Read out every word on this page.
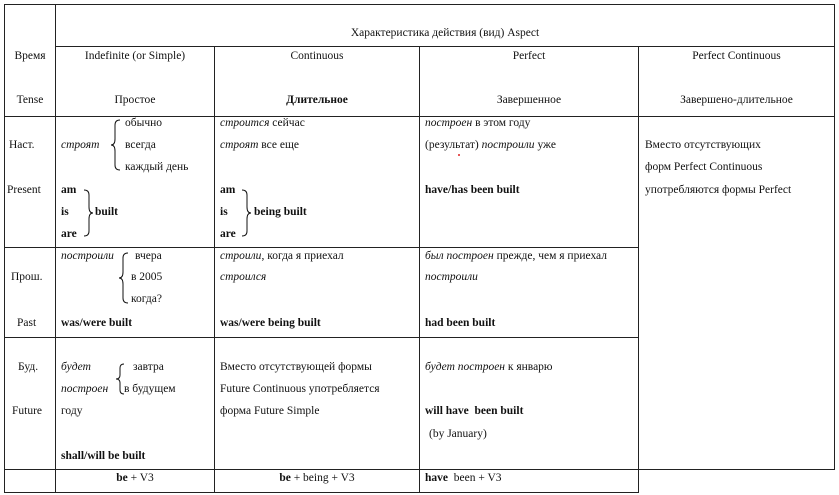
Характеристика действия (вид) Aspect
Время
Tense
Indefinite (or Simple)
Простое
Continuous
Длительное
Perfect
Завершенное
Perfect Continuous
Завершено-длительное
Наст.
Present
строят
обычно
всегда
каждый день
am
is
are
built
строится сейчас
строят все еще
am
is
are
being built
построен в этом году
(результат) построили уже
have/has been built
Вместо отсутствующих
форм Perfect Continuous
употребляются формы Perfect
Прош.
Past
построили вчера
в 2005
когда?
was/were built
строили, когда я приехал
строился
was/were being built
был построен прежде, чем я приехал
построили
had been built
Буд.
Future
будет
построен
завтра
в будущем
году
shall/will be built
Вместо отсутствующей формы
Future Continuous употребляется
форма Future Simple
будет построен к январю
will have  been built
(by January)
be + V3	be + being + V3	have  been + V3
